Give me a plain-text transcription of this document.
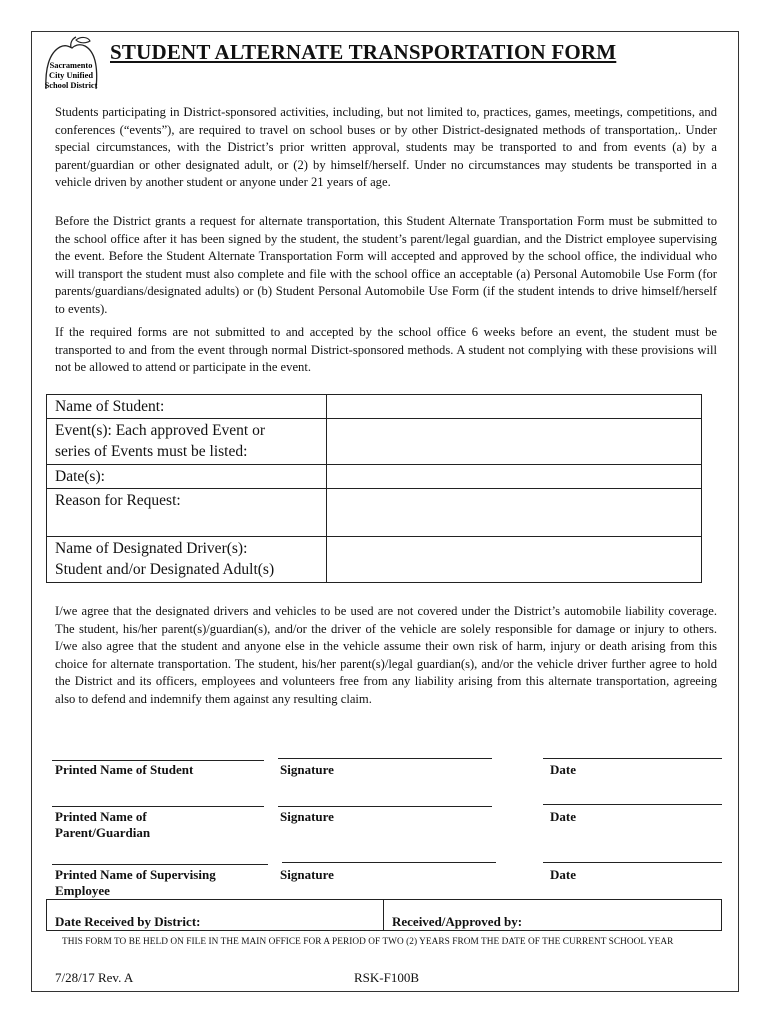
Sacramento
City Unified
School District
STUDENT ALTERNATE TRANSPORTATION FORM

Students participating in District-sponsored activities, including, but not limited to, practices, games, meetings, competitions, and conferences (“events”), are required to travel on school buses or by other District-designated methods of transportation,. Under special circumstances, with the District’s prior written approval, students may be transported to and from events (a) by a parent/guardian or other designated adult, or (2) by himself/herself. Under no circumstances may students be transported in a vehicle driven by another student or anyone under 21 years of age.

Before the District grants a request for alternate transportation, this Student Alternate Transportation Form must be submitted to the school office after it has been signed by the student, the student’s parent/legal guardian, and the District employee supervising the event. Before the Student Alternate Transportation Form will accepted and approved by the school office, the individual who will transport the student must also complete and file with the school office an acceptable (a) Personal Automobile Use Form (for parents/guardians/designated adults) or (b) Student Personal Automobile Use Form (if the student intends to drive himself/herself to events).

If the required forms are not submitted to and accepted by the school office 6 weeks before an event, the student must be transported to and from the event through normal District-sponsored methods. A student not complying with these provisions will not be allowed to attend or participate in the event.

Name of Student:	

Event(s): Each approved Event or
series of Events must be listed:	

Date(s):	
Reason for Request:	

Name of Designated Driver(s):
Student and/or Designated Adult(s)	

I/we agree that the designated drivers and vehicles to be used are not covered under the District’s automobile liability coverage. The student, his/her parent(s)/guardian(s), and/or the driver of the vehicle are solely responsible for damage or injury to others. I/we also agree that the student and anyone else in the vehicle assume their own risk of harm, injury or death arising from this choice for alternate transportation. The student, his/her parent(s)/legal guardian(s), and/or the vehicle driver further agree to hold the District and its officers, employees and volunteers free from any liability arising from this alternate transportation, agreeing also to defend and indemnify them against any resulting claim.

Printed Name of Student	Signature	Date
Printed Name of
Parent/Guardian
Signature	Date
Printed Name of Supervising
Employee
Signature	Date
Date Received by District:	Received/Approved by:
THIS FORM TO BE HELD ON FILE IN THE MAIN OFFICE FOR A PERIOD OF TWO (2) YEARS FROM THE DATE OF THE CURRENT SCHOOL YEAR
7/28/17 Rev. A	RSK-F100B
